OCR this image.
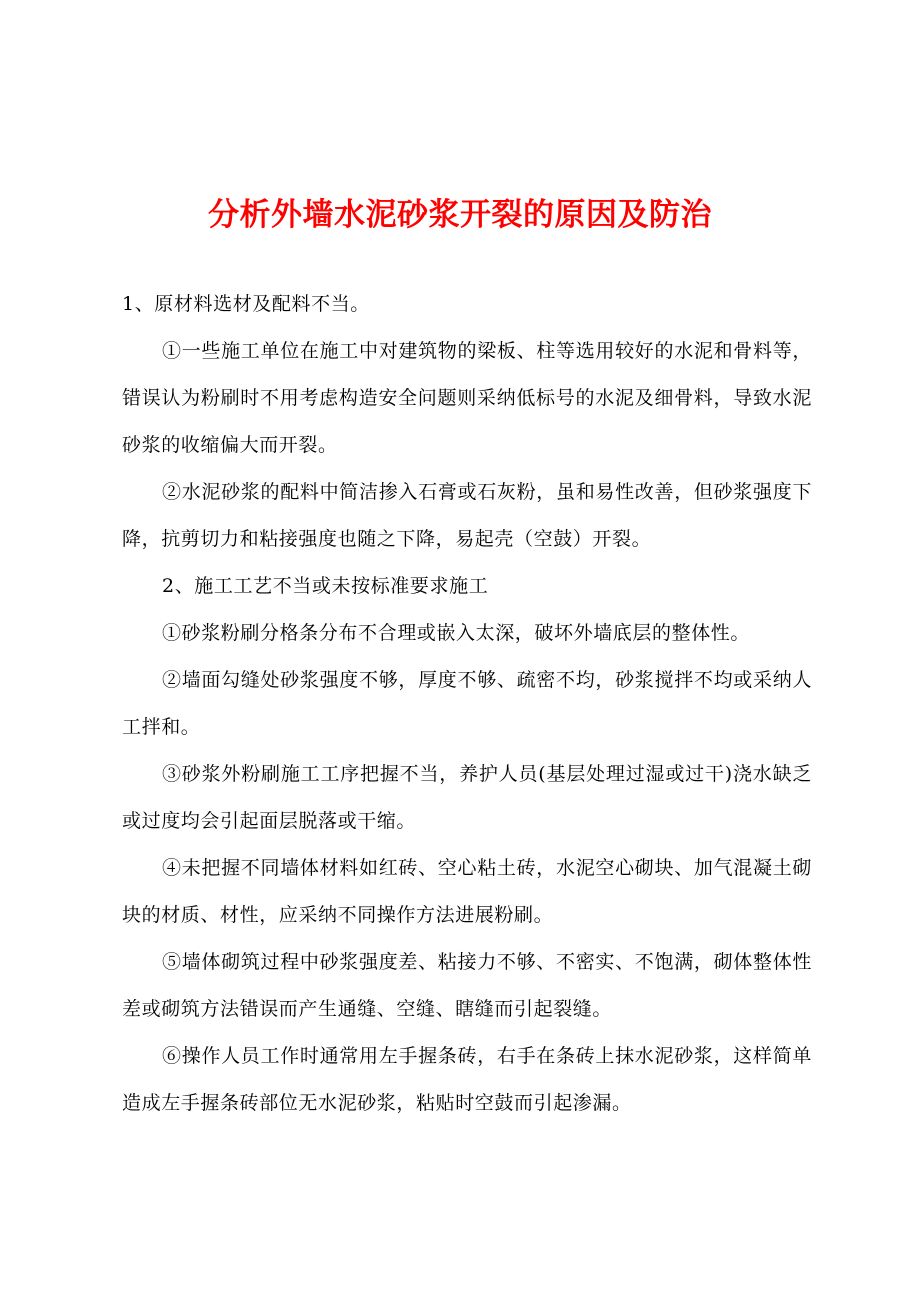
分析外墙水泥砂浆开裂的原因及防治

1、原材料选材及配料不当。

①一些施工单位在施工中对建筑物的梁板、柱等选用较好的水泥和骨料等，错误认为粉刷时不用考虑构造安全问题则采纳低标号的水泥及细骨料，导致水泥砂浆的收缩偏大而开裂。

②水泥砂浆的配料中简洁掺入石膏或石灰粉，虽和易性改善，但砂浆强度下降，抗剪切力和粘接强度也随之下降，易起壳（空鼓）开裂。

2、施工工艺不当或未按标准要求施工

①砂浆粉刷分格条分布不合理或嵌入太深，破坏外墙底层的整体性。

②墙面勾缝处砂浆强度不够，厚度不够、疏密不均，砂浆搅拌不均或采纳人工拌和。

③砂浆外粉刷施工工序把握不当，养护人员(基层处理过湿或过干)浇水缺乏或过度均会引起面层脱落或干缩。

④未把握不同墙体材料如红砖、空心粘土砖，水泥空心砌块、加气混凝土砌块的材质、材性，应采纳不同操作方法进展粉刷。

⑤墙体砌筑过程中砂浆强度差、粘接力不够、不密实、不饱满，砌体整体性差或砌筑方法错误而产生通缝、空缝、瞎缝而引起裂缝。

⑥操作人员工作时通常用左手握条砖，右手在条砖上抹水泥砂浆，这样简单造成左手握条砖部位无水泥砂浆，粘贴时空鼓而引起渗漏。
